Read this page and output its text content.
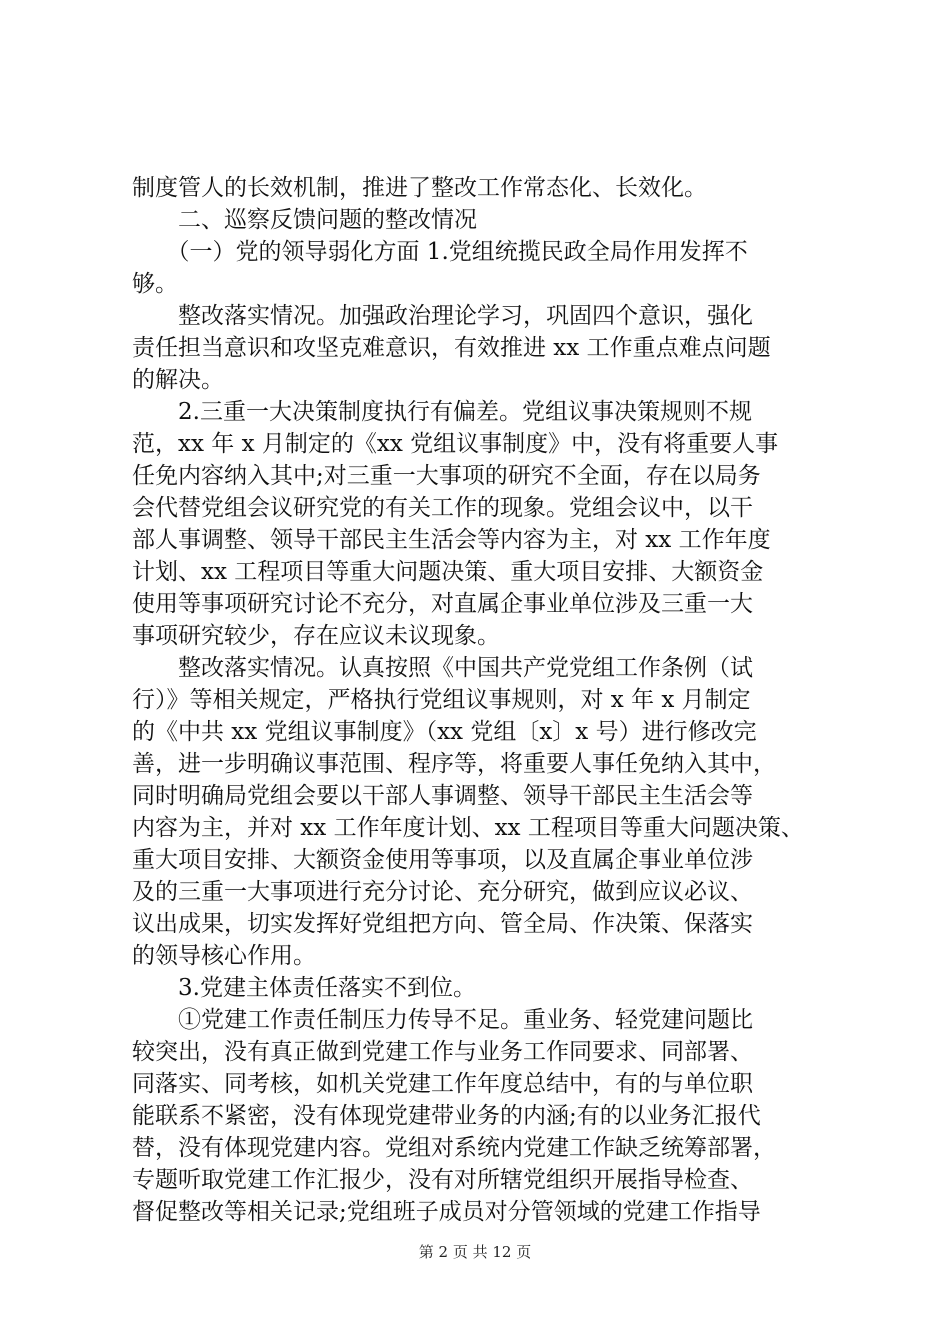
制度管人的长效机制，推进了整改工作常态化、长效化。
　　二、巡察反馈问题的整改情况
　　（一）党的领导弱化方面 1.党组统揽民政全局作用发挥不
够。
　　整改落实情况。加强政治理论学习，巩固四个意识，强化
责任担当意识和攻坚克难意识，有效推进 xx 工作重点难点问题
的解决。
　　2.三重一大决策制度执行有偏差。党组议事决策规则不规
范，xx 年 x 月制定的《xx 党组议事制度》中，没有将重要人事
任免内容纳入其中;对三重一大事项的研究不全面，存在以局务
会代替党组会议研究党的有关工作的现象。党组会议中，以干
部人事调整、领导干部民主生活会等内容为主，对 xx 工作年度
计划、xx 工程项目等重大问题决策、重大项目安排、大额资金
使用等事项研究讨论不充分，对直属企事业单位涉及三重一大
事项研究较少，存在应议未议现象。
　　整改落实情况。认真按照《中国共产党党组工作条例（试
行）》等相关规定，严格执行党组议事规则，对 x 年 x 月制定
的《中共 xx 党组议事制度》（xx 党组〔x〕x 号）进行修改完
善，进一步明确议事范围、程序等，将重要人事任免纳入其中，
同时明确局党组会要以干部人事调整、领导干部民主生活会等
内容为主，并对 xx 工作年度计划、xx 工程项目等重大问题决策、
重大项目安排、大额资金使用等事项，以及直属企事业单位涉
及的三重一大事项进行充分讨论、充分研究，做到应议必议、
议出成果，切实发挥好党组把方向、管全局、作决策、保落实
的领导核心作用。
　　3.党建主体责任落实不到位。
　　①党建工作责任制压力传导不足。重业务、轻党建问题比
较突出，没有真正做到党建工作与业务工作同要求、同部署、
同落实、同考核，如机关党建工作年度总结中，有的与单位职
能联系不紧密，没有体现党建带业务的内涵;有的以业务汇报代
替，没有体现党建内容。党组对系统内党建工作缺乏统筹部署，
专题听取党建工作汇报少，没有对所辖党组织开展指导检查、
督促整改等相关记录;党组班子成员对分管领域的党建工作指导
第 2 页 共 12 页
